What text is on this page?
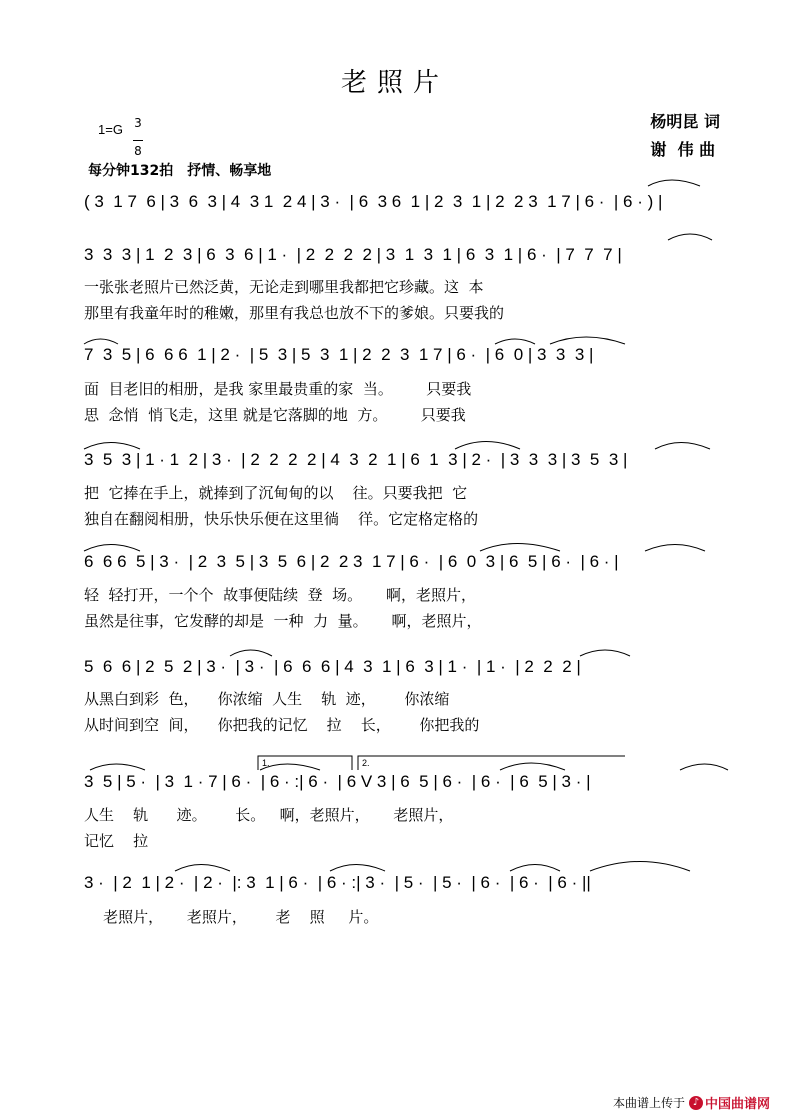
老照片
杨明昆 词
谢  伟 曲
1=G 3
8
每分钟132拍 抒情、畅享地
( 3  1 7  6 | 3  6  3 | 4  3 1  2 4 | 3 ·  | 6  3 6  1 | 2  3  1 | 2  2 3  1 7 | 6 ·  | 6 · ) |
3  3  3 | 1  2  3 | 6  3  6 | 1 ·  | 2  2  2  2 | 3  1  3  1 | 6  3  1 | 6 ·  | 7  7  7 |
7  3  5 | 6  6 6  1 | 2 ·  | 5  3 | 5  3  1 | 2  2  3  1 7 | 6 ·  | 6  0 | 3  3  3 |
3  5  3 | 1 · 1  2 | 3 ·  | 2  2  2  2 | 4  3  2  1 | 6  1  3 | 2 ·  | 3  3  3 | 3  5  3 |
6  6 6  5 | 3 ·  | 2  3  5 | 3  5  6 | 2  2 3  1 7 | 6 ·  | 6  0  3 | 6  5 | 6 ·  | 6 · |
5  6  6 | 2  5  2 | 3 ·  | 3 ·  | 6  6  6 | 4  3  1 | 6  3 | 1 ·  | 1 ·  | 2  2  2 |
3  5 | 5 ·  | 3  1 · 7 | 6 ·  | 6 · :| 6 ·  | 6 V 3 | 6  5 | 6 ·  | 6 ·  | 6  5 | 3 · |
3 ·  | 2  1 | 2 ·  | 2 ·  |: 3  1 | 6 ·  | 6 · :| 3 ·  | 5 ·  | 5 ·  | 6 ·  | 6 ·  | 6 · ||
一张张老照片已然泛黄，无论走到哪里我都把它珍藏。这  本
那里有我童年时的稚嫩，那里有我总也放不下的爹娘。只要我的
面  目老旧的相册，是我 家里最贵重的家  当。       只要我
思  念悄  悄飞走，这里 就是它落脚的地  方。       只要我
把  它捧在手上，就捧到了沉甸甸的以    往。只要我把  它
独自在翻阅相册，快乐快乐便在这里徜    徉。它定格定格的
轻  轻打开，一个个  故事便陆续  登  场。     啊，老照片，
虽然是往事，它发酵的却是  一种  力  量。     啊，老照片，
从黑白到彩  色，    你浓缩  人生    轨  迹，      你浓缩
从时间到空  间，    你把我的记忆    拉    长，      你把我的
人生    轨      迹。      长。   啊，老照片，     老照片，
记忆    拉
老照片，     老照片，      老    照     片。
1.	2.
本曲谱上传于 ♪ 中国曲谱网
